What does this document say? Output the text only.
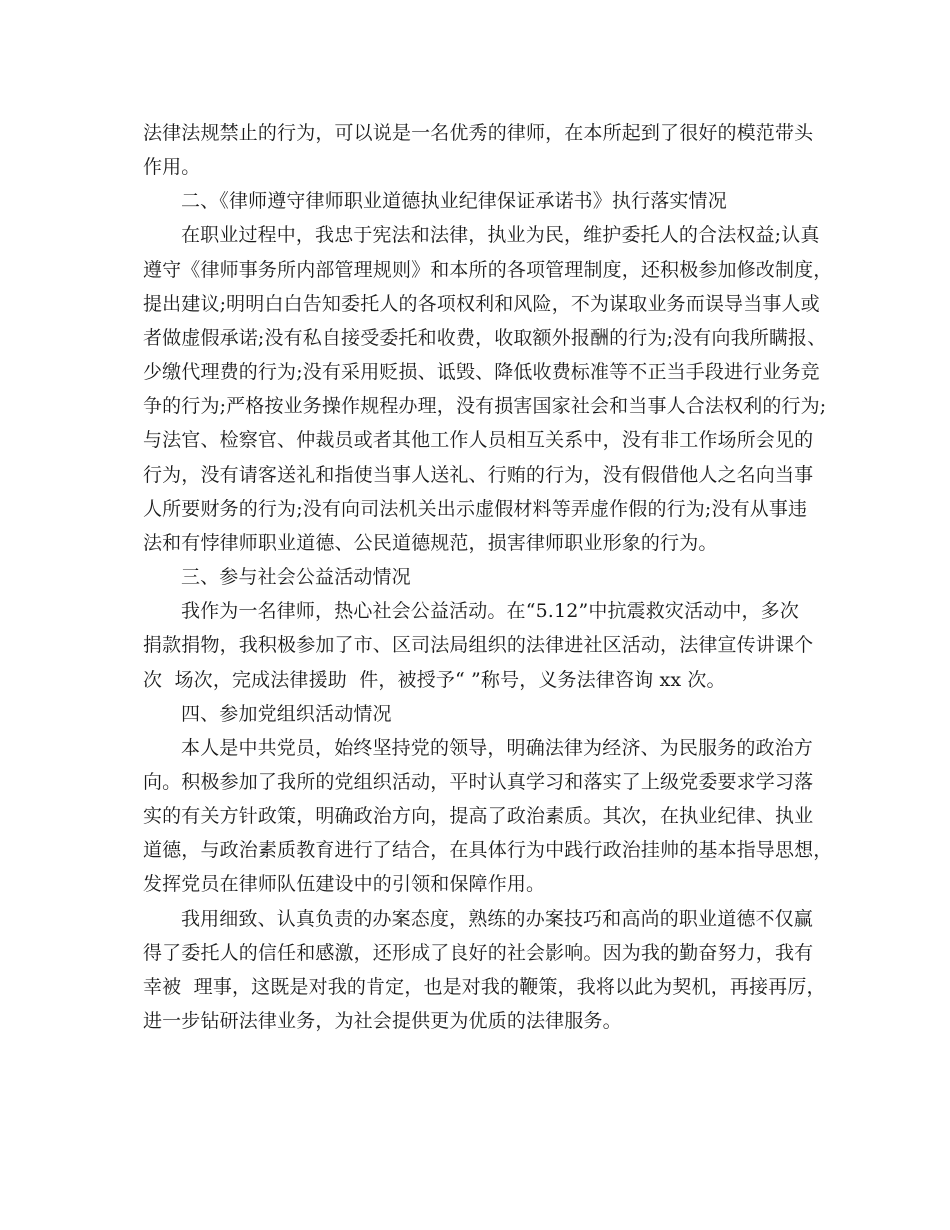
法律法规禁止的行为，可以说是一名优秀的律师，在本所起到了很好的模范带头
作用。
二、《律师遵守律师职业道德执业纪律保证承诺书》执行落实情况
在职业过程中，我忠于宪法和法律，执业为民，维护委托人的合法权益;认真
遵守《律师事务所内部管理规则》和本所的各项管理制度，还积极参加修改制度，
提出建议;明明白白告知委托人的各项权利和风险，不为谋取业务而误导当事人或
者做虚假承诺;没有私自接受委托和收费，收取额外报酬的行为;没有向我所瞒报、
少缴代理费的行为;没有采用贬损、诋毁、降低收费标准等不正当手段进行业务竞
争的行为;严格按业务操作规程办理，没有损害国家社会和当事人合法权利的行为;
与法官、检察官、仲裁员或者其他工作人员相互关系中，没有非工作场所会见的
行为，没有请客送礼和指使当事人送礼、行贿的行为，没有假借他人之名向当事
人所要财务的行为;没有向司法机关出示虚假材料等弄虚作假的行为;没有从事违
法和有悖律师职业道德、公民道德规范，损害律师职业形象的行为。
三、参与社会公益活动情况
我作为一名律师，热心社会公益活动。在“5.12”中抗震救灾活动中，多次
捐款捐物，我积极参加了市、区司法局组织的法律进社区活动，法律宣传讲课个
次  场次，完成法律援助  件，被授予“ ”称号，义务法律咨询 xx 次。
四、参加党组织活动情况
本人是中共党员，始终坚持党的领导，明确法律为经济、为民服务的政治方
向。积极参加了我所的党组织活动，平时认真学习和落实了上级党委要求学习落
实的有关方针政策，明确政治方向，提高了政治素质。其次，在执业纪律、执业
道德，与政治素质教育进行了结合，在具体行为中践行政治挂帅的基本指导思想，
发挥党员在律师队伍建设中的引领和保障作用。
我用细致、认真负责的办案态度，熟练的办案技巧和高尚的职业道德不仅赢
得了委托人的信任和感激，还形成了良好的社会影响。因为我的勤奋努力，我有
幸被  理事，这既是对我的肯定，也是对我的鞭策，我将以此为契机，再接再厉，
进一步钻研法律业务，为社会提供更为优质的法律服务。
